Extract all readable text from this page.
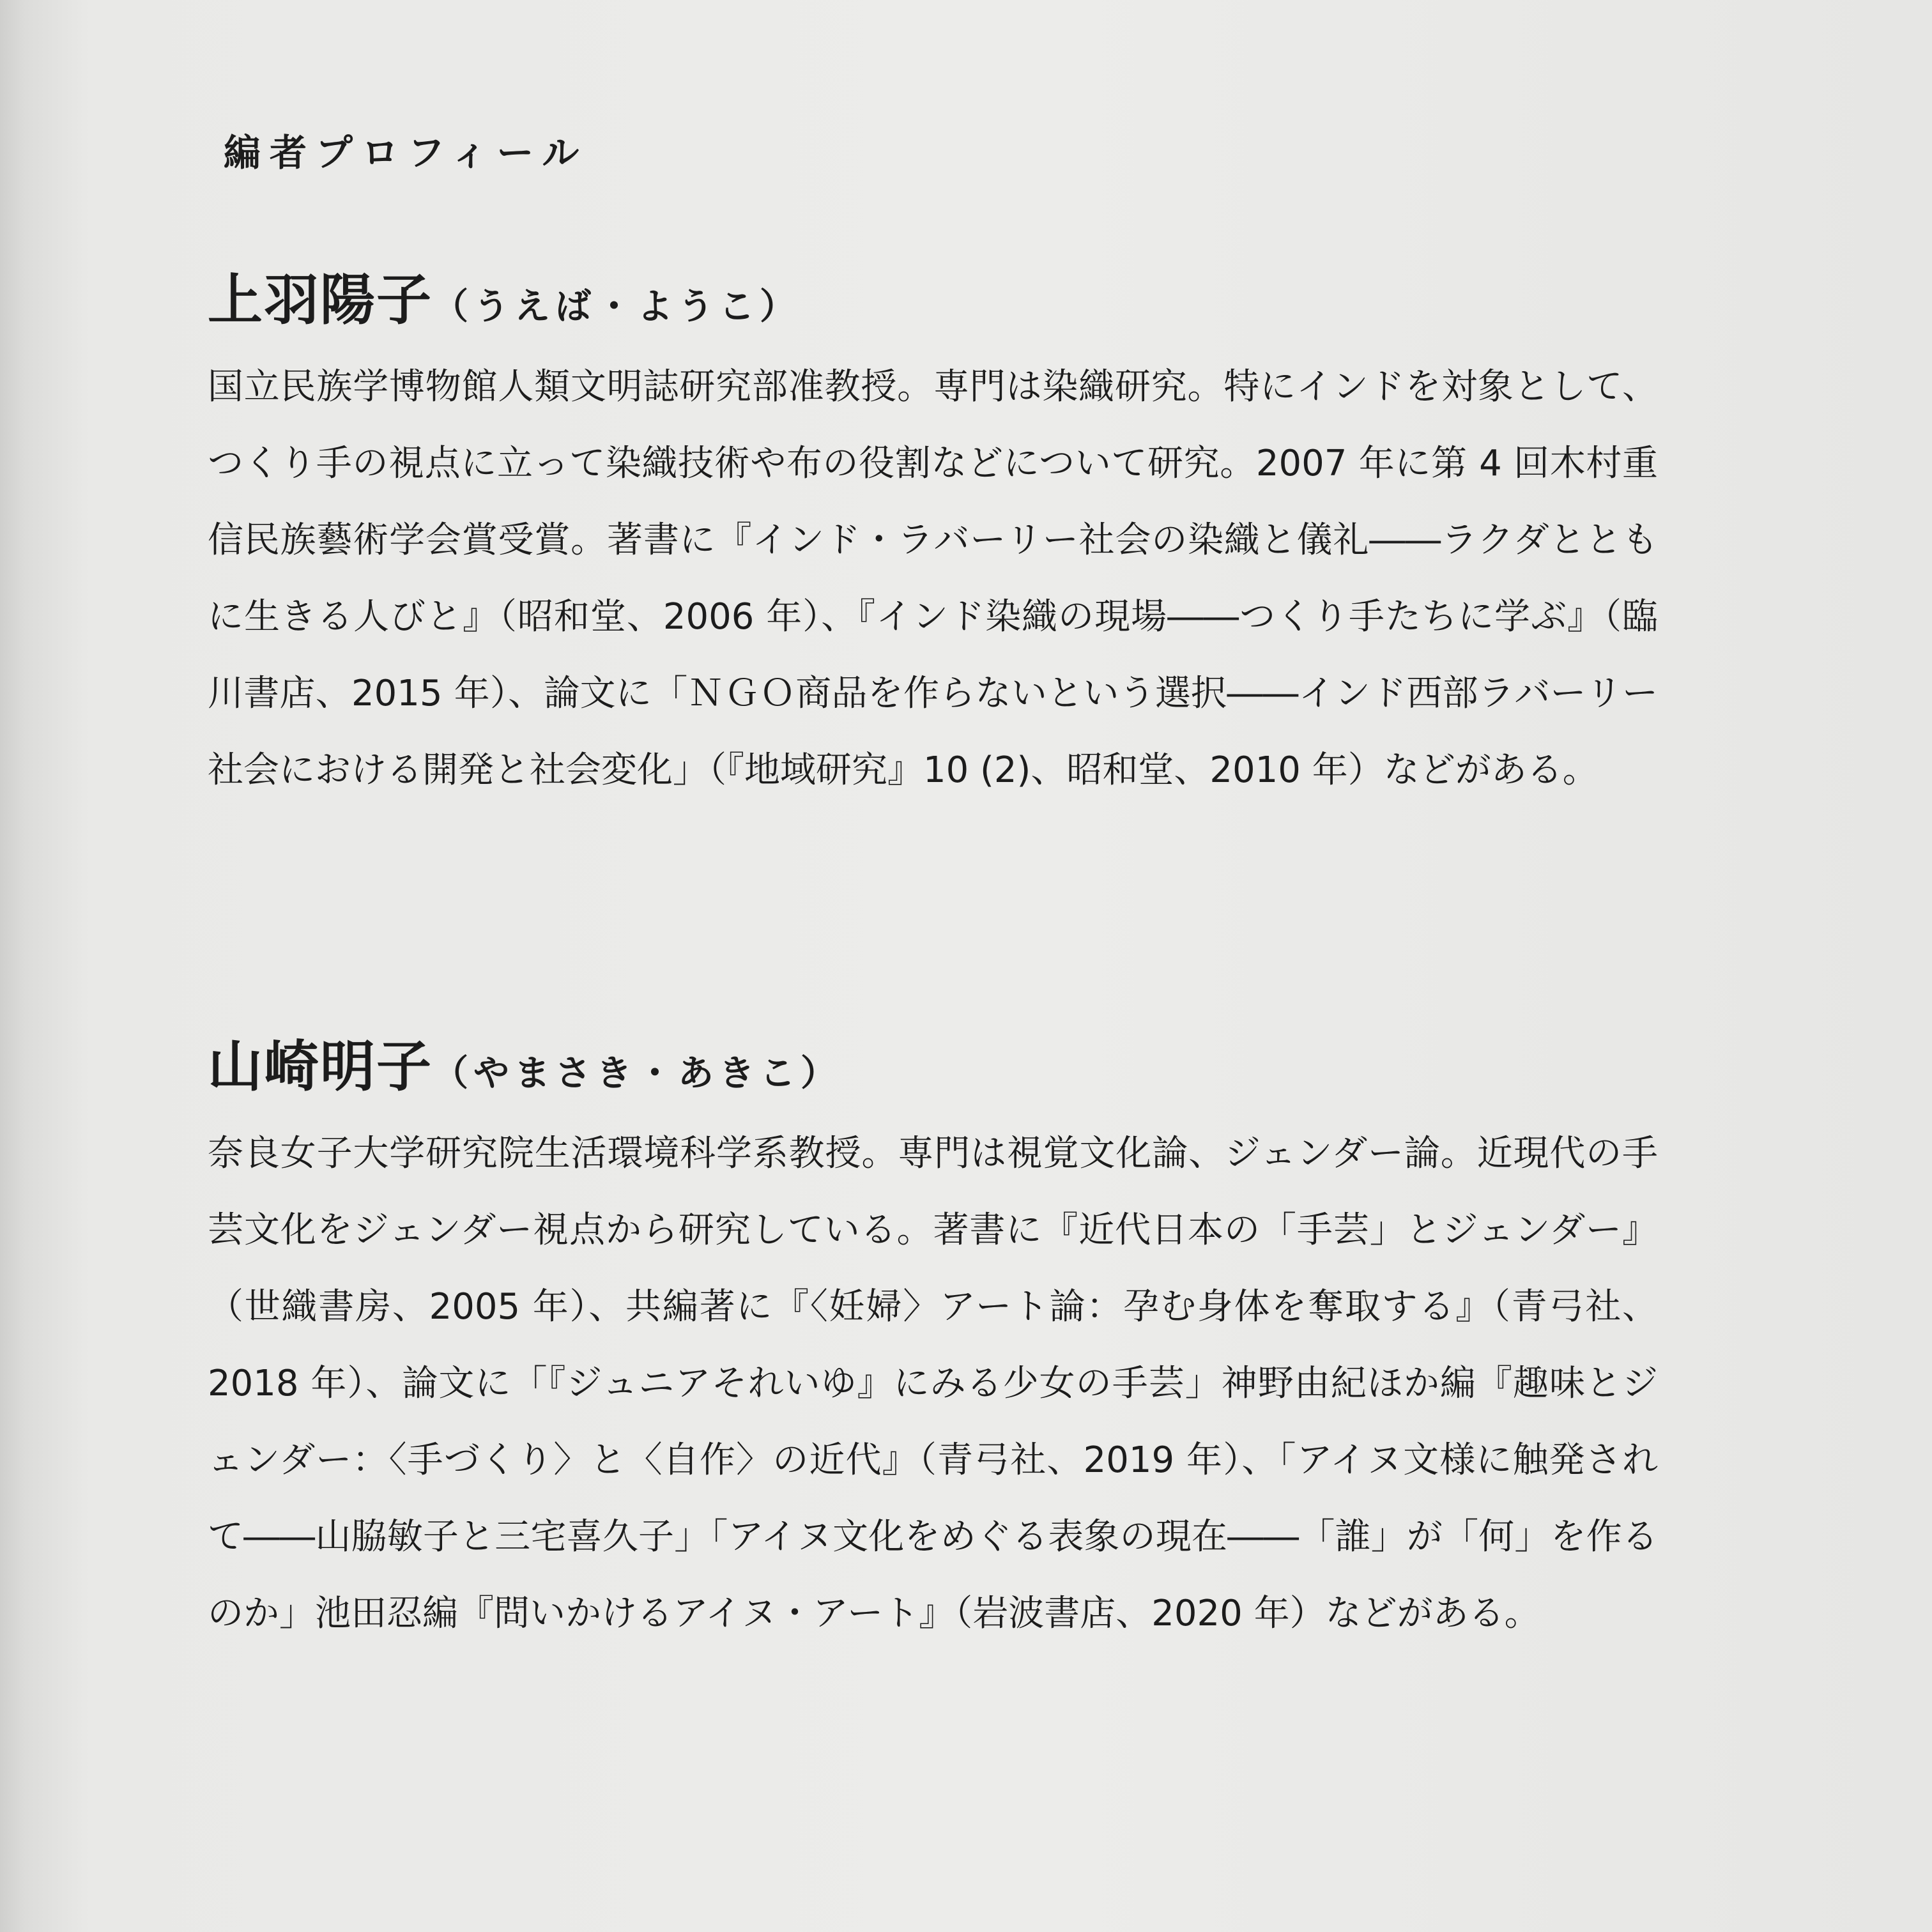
編者プロフィール
上羽陽子（うえば・ようこ）
国立民族学博物館人類文明誌研究部准教授。専門は染織研究。特にインドを対象として、つくり手の視点に立って染織技術や布の役割などについて研究。2007 年に第 4 回木村重信民族藝術学会賞受賞。著書に『インド・ラバーリー社会の染織と儀礼――ラクダとともに生きる人びと』（昭和堂、2006 年）、『インド染織の現場――つくり手たちに学ぶ』（臨川書店、2015 年）、論文に「ＮＧＯ商品を作らないという選択――インド西部ラバーリー社会における開発と社会変化」（『地域研究』10 (2)、昭和堂、2010 年）などがある。
山崎明子（やまさき・あきこ）
奈良女子大学研究院生活環境科学系教授。専門は視覚文化論、ジェンダー論。近現代の手芸文化をジェンダー視点から研究している。著書に『近代日本の「手芸」とジェンダー』（世織書房、2005 年）、共編著に『〈妊婦〉アート論：孕む身体を奪取する』（青弓社、2018 年）、論文に「『ジュニアそれいゆ』にみる少女の手芸」神野由紀ほか編『趣味とジェンダー：〈手づくり〉と〈自作〉の近代』（青弓社、2019 年）、「アイヌ文様に触発されて――山脇敏子と三宅喜久子」「アイヌ文化をめぐる表象の現在――「誰」が「何」を作るのか」池田忍編『問いかけるアイヌ・アート』（岩波書店、2020 年）などがある。
